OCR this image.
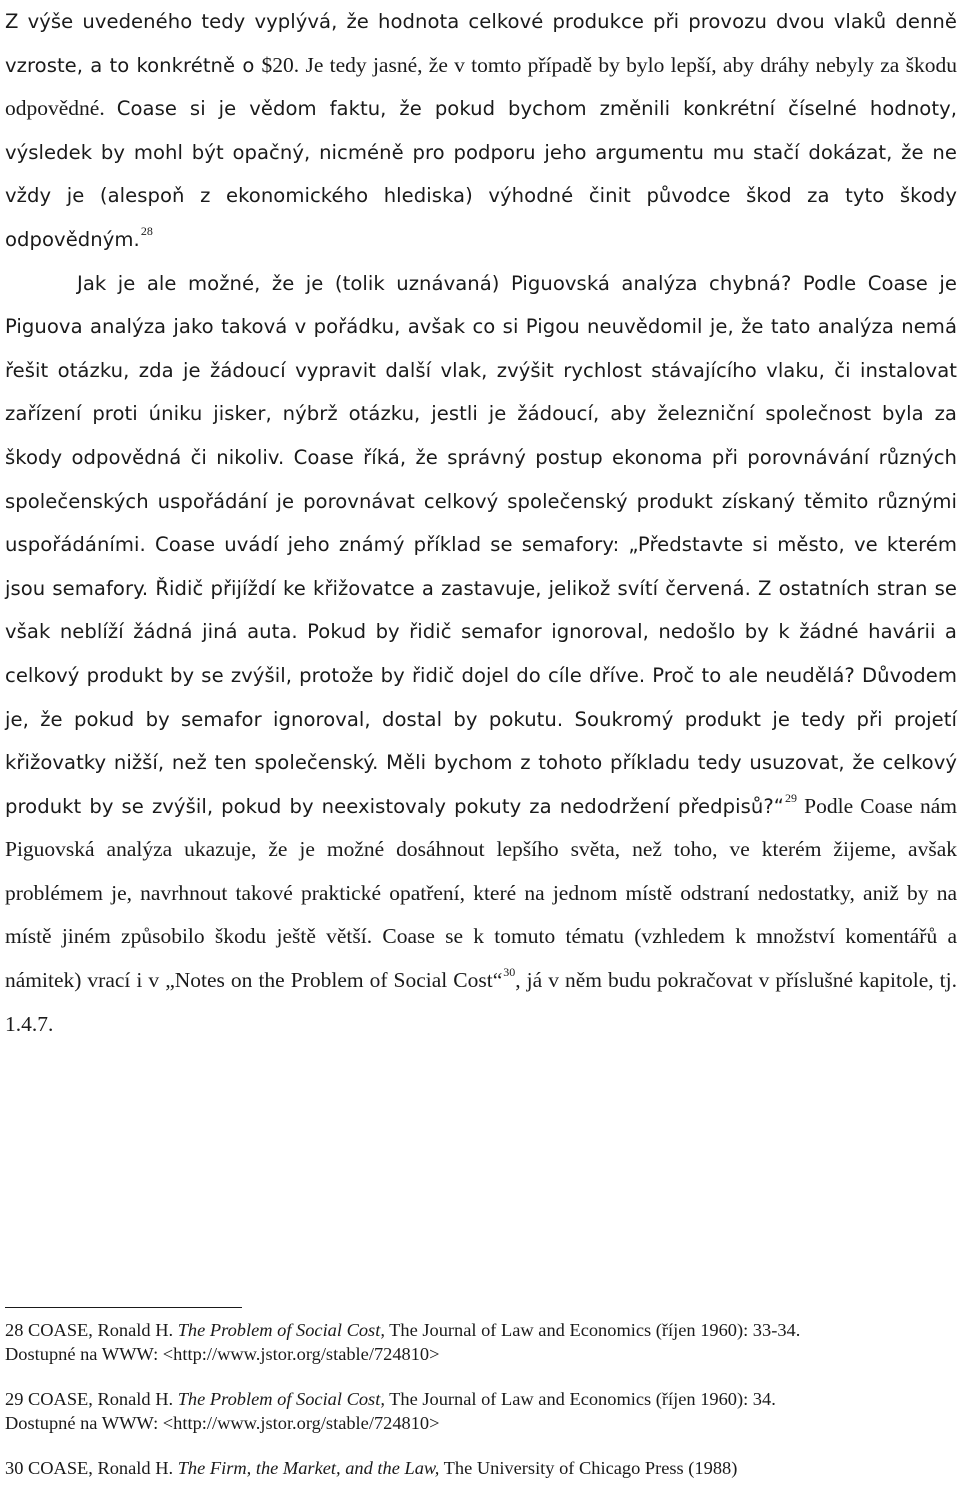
Z výše uvedeného tedy vyplývá, že hodnota celkové produkce při provozu dvou vlaků denně vzroste, a to konkrétně o $20. Je tedy jasné, že v tomto případě by bylo lepší, aby dráhy nebyly za škodu odpovědné. Coase si je vědom faktu, že pokud bychom změnili konkrétní číselné hodnoty, výsledek by mohl být opačný, nicméně pro podporu jeho argumentu mu stačí dokázat, že ne vždy je (alespoň z ekonomického hlediska) výhodné činit původce škod za tyto škody odpovědným.$^{28}$

Jak je ale možné, že je (tolik uznávaná) Piguovská analýza chybná? Podle Coase je Piguova analýza jako taková v pořádku, avšak co si Pigou neuvědomil je, že tato analýza nemá řešit otázku, zda je žádoucí vypravit další vlak, zvýšit rychlost stávajícího vlaku, či instalovat zařízení proti úniku jisker, nýbrž otázku, jestli je žádoucí, aby železniční společnost byla za škody odpovědná či nikoliv. Coase říká, že správný postup ekonoma při porovnávání různých společenských uspořádání je porovnávat celkový společenský produkt získaný těmito různými uspořádáními. Coase uvádí jeho známý příklad se semafory: „Představte si město, ve kterém jsou semafory. Řidič přijíždí ke křižovatce a zastavuje, jelikož svítí červená. Z ostatních stran se však neblíží žádná jiná auta. Pokud by řidič semafor ignoroval, nedošlo by k žádné havárii a celkový produkt by se zvýšil, protože by řidič dojel do cíle dříve. Proč to ale neudělá? Důvodem je, že pokud by semafor ignoroval, dostal by pokutu. Soukromý produkt je tedy při projetí křižovatky nižší, než ten společenský. Měli bychom z tohoto příkladu tedy usuzovat, že celkový produkt by se zvýšil, pokud by neexistovaly pokuty za nedodržení předpisů?“$^{29}$ Podle Coase nám Piguovská analýza ukazuje, že je možné dosáhnout lepšího světa, než toho, ve kterém žijeme, avšak problémem je, navrhnout takové praktické opatření, které na jednom místě odstraní nedostatky, aniž by na místě jiném způsobilo škodu ještě větší. Coase se k tomuto tématu (vzhledem k množství komentářů a námitek) vrací i v „Notes on the Problem of Social Cost“$^{30}$, já v něm budu pokračovat v příslušné kapitole, tj. 1.4.7.

28 COASE, Ronald H. The Problem of Social Cost, The Journal of Law and Economics (říjen 1960): 33-34.
Dostupné na WWW: <http://www.jstor.org/stable/724810>
29 COASE, Ronald H. The Problem of Social Cost, The Journal of Law and Economics (říjen 1960): 34.
Dostupné na WWW: <http://www.jstor.org/stable/724810>
30 COASE, Ronald H. The Firm, the Market, and the Law, The University of Chicago Press (1988)
